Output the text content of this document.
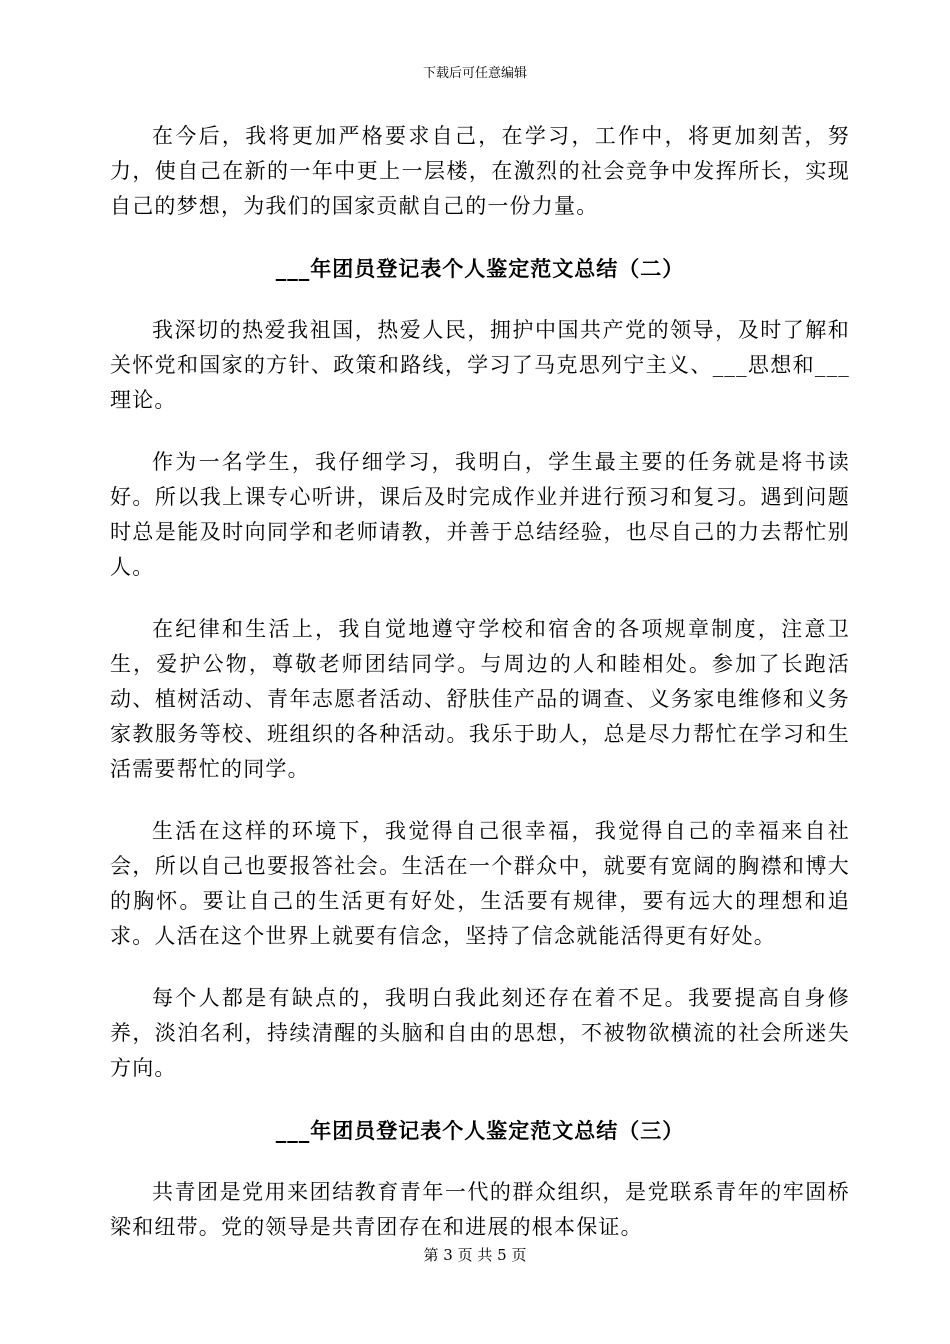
下载后可任意编辑

在今后，我将更加严格要求自己，在学习，工作中，将更加刻苦，努力，使自己在新的一年中更上一层楼，在激烈的社会竞争中发挥所长，实现自己的梦想，为我们的国家贡献自己的一份力量。

___年团员登记表个人鉴定范文总结（二）

我深切的热爱我祖国，热爱人民，拥护中国共产党的领导，及时了解和关怀党和国家的方针、政策和路线，学习了马克思列宁主义、___思想和___理论。

作为一名学生，我仔细学习，我明白，学生最主要的任务就是将书读好。所以我上课专心听讲，课后及时完成作业并进行预习和复习。遇到问题时总是能及时向同学和老师请教，并善于总结经验，也尽自己的力去帮忙别人。

在纪律和生活上，我自觉地遵守学校和宿舍的各项规章制度，注意卫生，爱护公物，尊敬老师团结同学。与周边的人和睦相处。参加了长跑活动、植树活动、青年志愿者活动、舒肤佳产品的调查、义务家电维修和义务家教服务等校、班组织的各种活动。我乐于助人，总是尽力帮忙在学习和生活需要帮忙的同学。

生活在这样的环境下，我觉得自己很幸福，我觉得自己的幸福来自社会，所以自己也要报答社会。生活在一个群众中，就要有宽阔的胸襟和博大的胸怀。要让自己的生活更有好处，生活要有规律，要有远大的理想和追求。人活在这个世界上就要有信念，坚持了信念就能活得更有好处。

每个人都是有缺点的，我明白我此刻还存在着不足。我要提高自身修养，淡泊名利，持续清醒的头脑和自由的思想，不被物欲横流的社会所迷失方向。

___年团员登记表个人鉴定范文总结（三）

共青团是党用来团结教育青年一代的群众组织，是党联系青年的牢固桥梁和纽带。党的领导是共青团存在和进展的根本保证。

第 3 页 共 5 页
